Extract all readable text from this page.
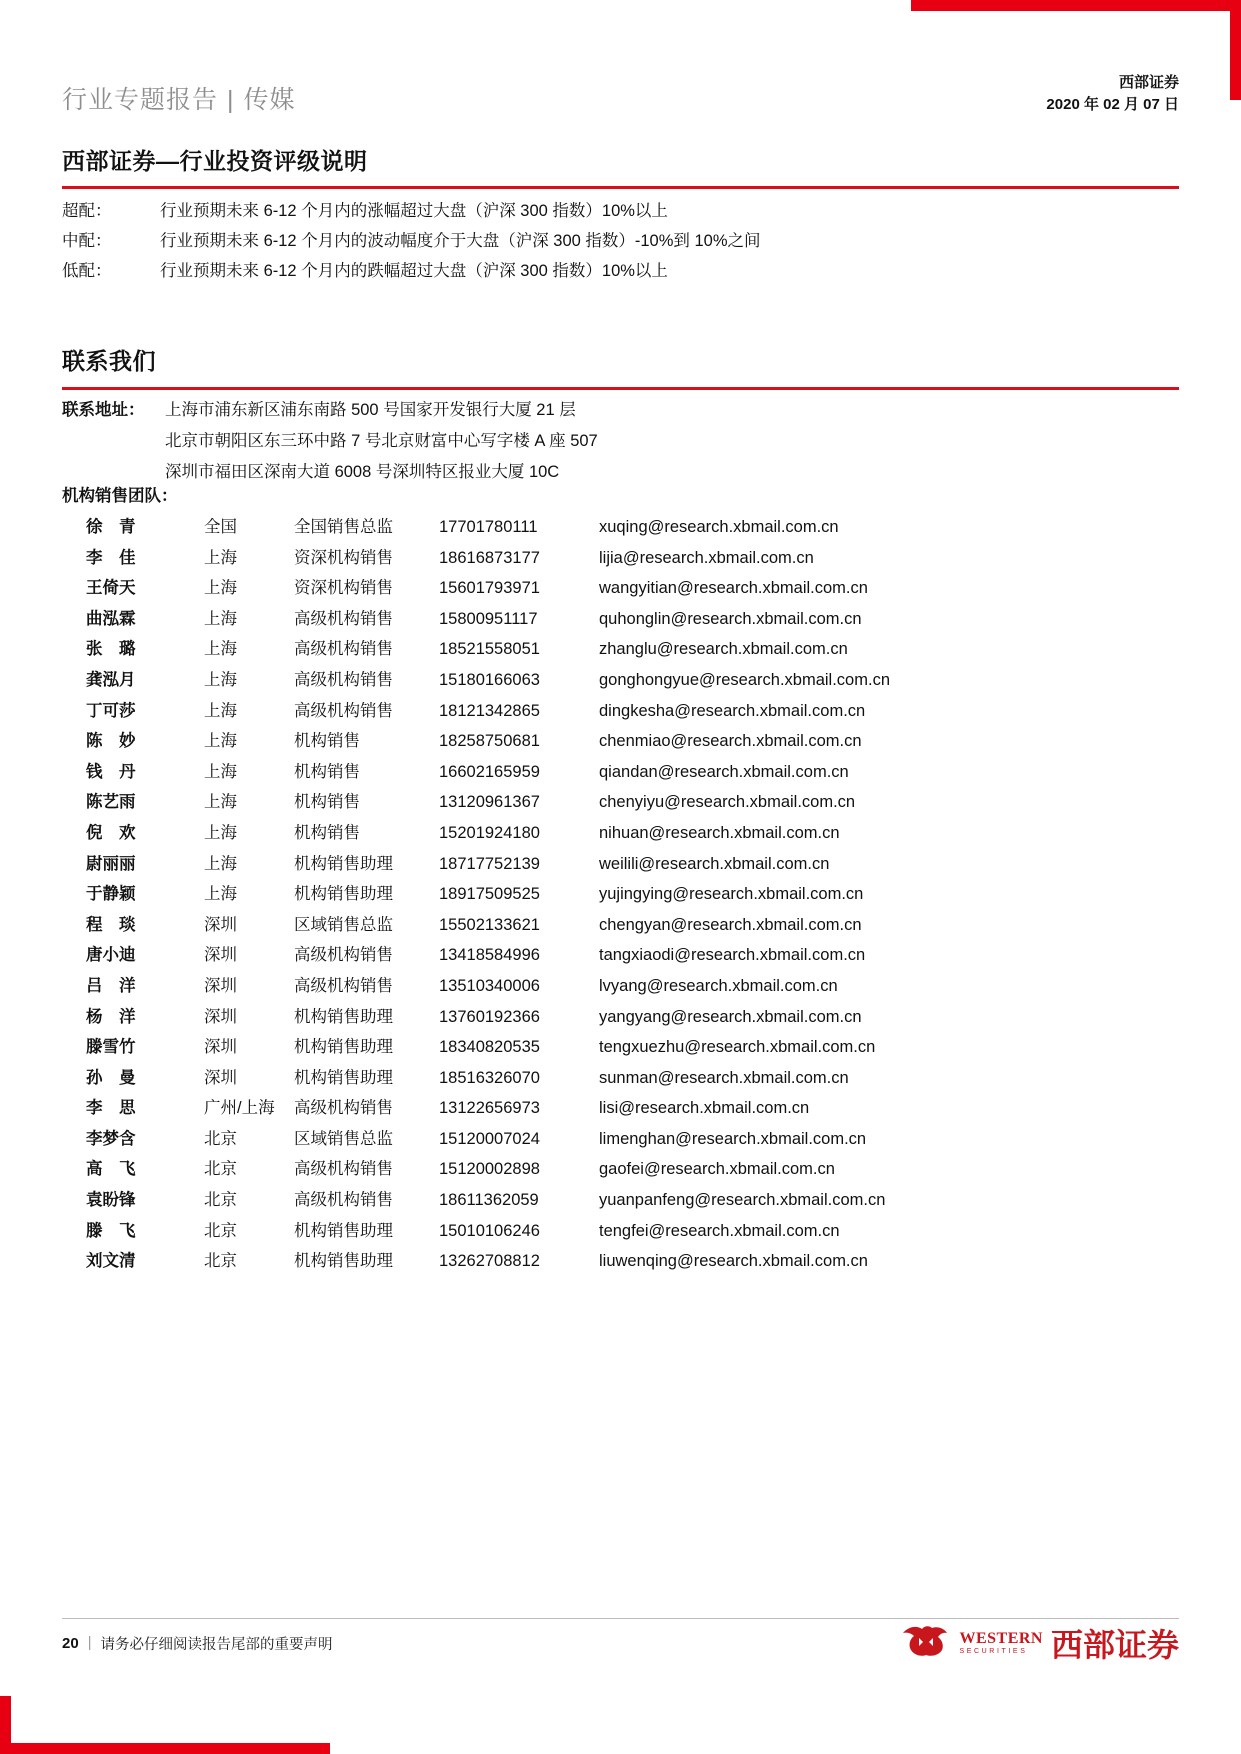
行业专题报告 | 传媒
西部证券
2020 年 02 月 07 日
西部证券—行业投资评级说明
超配：	行业预期未来 6-12 个月内的涨幅超过大盘（沪深 300 指数）10%以上
中配：	行业预期未来 6-12 个月内的波动幅度介于大盘（沪深 300 指数）-10%到 10%之间
低配：	行业预期未来 6-12 个月内的跌幅超过大盘（沪深 300 指数）10%以上
联系我们
联系地址：	上海市浦东新区浦东南路 500 号国家开发银行大厦 21 层
北京市朝阳区东三环中路 7 号北京财富中心写字楼 A 座 507
深圳市福田区深南大道 6008 号深圳特区报业大厦 10C
机构销售团队：
徐　青	全国	全国销售总监	17701780111	xuqing@research.xbmail.com.cn
李　佳	上海	资深机构销售	18616873177	lijia@research.xbmail.com.cn
王倚天	上海	资深机构销售	15601793971	wangyitian@research.xbmail.com.cn
曲泓霖	上海	高级机构销售	15800951117	quhonglin@research.xbmail.com.cn
张　璐	上海	高级机构销售	18521558051	zhanglu@research.xbmail.com.cn
龚泓月	上海	高级机构销售	15180166063	gonghongyue@research.xbmail.com.cn
丁可莎	上海	高级机构销售	18121342865	dingkesha@research.xbmail.com.cn
陈　妙	上海	机构销售	18258750681	chenmiao@research.xbmail.com.cn
钱　丹	上海	机构销售	16602165959	qiandan@research.xbmail.com.cn
陈艺雨	上海	机构销售	13120961367	chenyiyu@research.xbmail.com.cn
倪　欢	上海	机构销售	15201924180	nihuan@research.xbmail.com.cn
尉丽丽	上海	机构销售助理	18717752139	weilili@research.xbmail.com.cn
于静颖	上海	机构销售助理	18917509525	yujingying@research.xbmail.com.cn
程　琰	深圳	区域销售总监	15502133621	chengyan@research.xbmail.com.cn
唐小迪	深圳	高级机构销售	13418584996	tangxiaodi@research.xbmail.com.cn
吕　洋	深圳	高级机构销售	13510340006	lvyang@research.xbmail.com.cn
杨　洋	深圳	机构销售助理	13760192366	yangyang@research.xbmail.com.cn
滕雪竹	深圳	机构销售助理	18340820535	tengxuezhu@research.xbmail.com.cn
孙　曼	深圳	机构销售助理	18516326070	sunman@research.xbmail.com.cn
李　思	广州/上海	高级机构销售	13122656973	lisi@research.xbmail.com.cn
李梦含	北京	区域销售总监	15120007024	limenghan@research.xbmail.com.cn
高　飞	北京	高级机构销售	15120002898	gaofei@research.xbmail.com.cn
袁盼锋	北京	高级机构销售	18611362059	yuanpanfeng@research.xbmail.com.cn
滕　飞	北京	机构销售助理	15010106246	tengfei@research.xbmail.com.cn
刘文清	北京	机构销售助理	13262708812	liuwenqing@research.xbmail.com.cn
20 | 请务必仔细阅读报告尾部的重要声明	WESTERN
SECURITIES 西部证券
